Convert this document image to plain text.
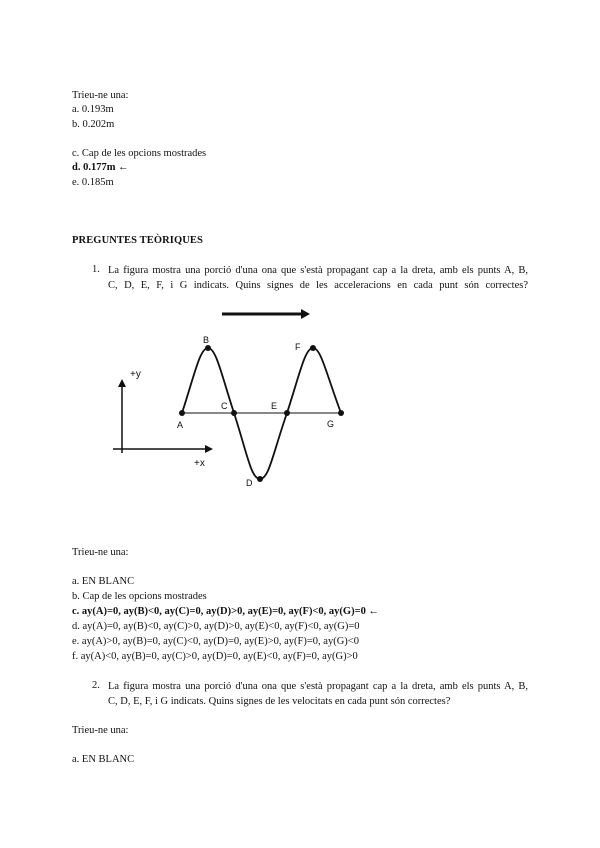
Trieu-ne una:
a. 0.193m
b. 0.202m
c. Cap de les opcions mostrades
d. 0.177m ←
e. 0.185m
PREGUNTES TEÒRIQUES
1. La figura mostra una porció d'una ona que s'està propagant cap a la dreta, amb els punts A, B,
C, D, E, F, i G indicats. Quins signes de les acceleracions en cada punt són correctes?
+y
+x
A
B
C
D
E
F
G
Trieu-ne una:
a. EN BLANC
b. Cap de les opcions mostrades
c. ay(A)=0, ay(B)<0, ay(C)=0, ay(D)>0, ay(E)=0, ay(F)<0, ay(G)=0 ←
d. ay(A)=0, ay(B)<0, ay(C)>0, ay(D)>0, ay(E)<0, ay(F)<0, ay(G)=0
e. ay(A)>0, ay(B)=0, ay(C)<0, ay(D)=0, ay(E)>0, ay(F)=0, ay(G)<0
f. ay(A)<0, ay(B)=0, ay(C)>0, ay(D)=0, ay(E)<0, ay(F)=0, ay(G)>0
2. La figura mostra una porció d'una ona que s'està propagant cap a la dreta, amb els punts A, B,
C, D, E, F, i G indicats. Quins signes de les velocitats en cada punt són correctes?
Trieu-ne una:
a. EN BLANC
